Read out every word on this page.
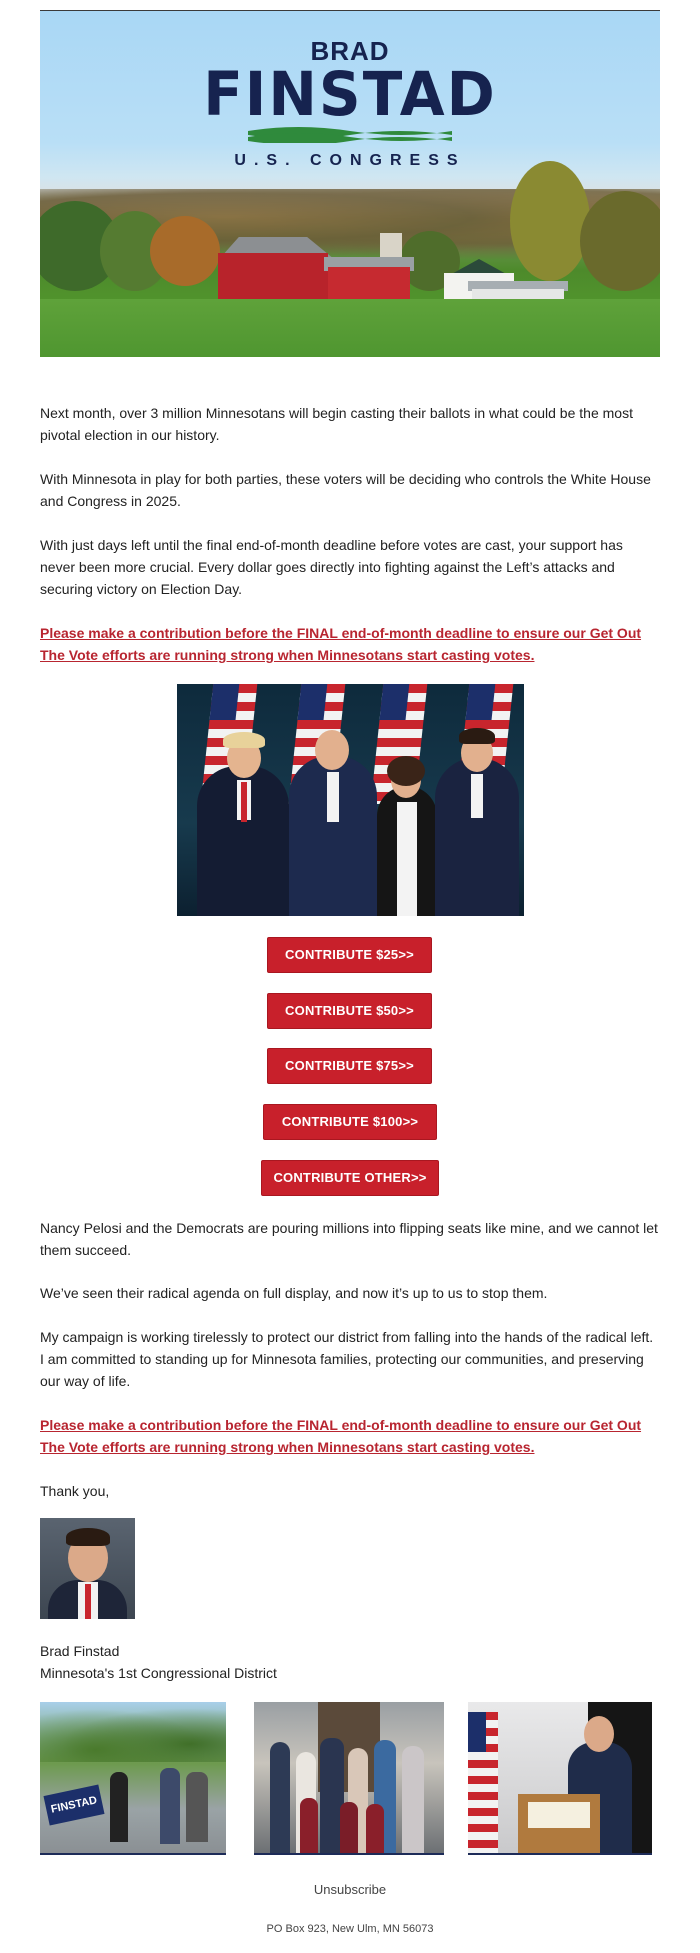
BRAD
FINSTAD
U.S. CONGRESS

Next month, over 3 million Minnesotans will begin casting their ballots in what could be the most pivotal election in our history.

With Minnesota in play for both parties, these voters will be deciding who controls the White House and Congress in 2025.

With just days left until the final end-of-month deadline before votes are cast, your support has never been more crucial. Every dollar goes directly into fighting against the Left’s attacks and securing victory on Election Day.

Please make a contribution before the FINAL end-of-month deadline to ensure our Get Out The Vote efforts are running strong when Minnesotans start casting votes.
CONTRIBUTE $25>>
CONTRIBUTE $50>>
CONTRIBUTE $75>>
CONTRIBUTE $100>>
CONTRIBUTE OTHER>>

Nancy Pelosi and the Democrats are pouring millions into flipping seats like mine, and we cannot let them succeed.

We’ve seen their radical agenda on full display, and now it’s up to us to stop them.

My campaign is working tirelessly to protect our district from falling into the hands of the radical left. I am committed to standing up for Minnesota families, protecting our communities, and preserving our way of life.

Please make a contribution before the FINAL end-of-month deadline to ensure our Get Out The Vote efforts are running strong when Minnesotans start casting votes.

Thank you,

Brad Finstad

Minnesota's 1st Congressional District

FINSTAD
Unsubscribe
PO Box 923, New Ulm, MN 56073
